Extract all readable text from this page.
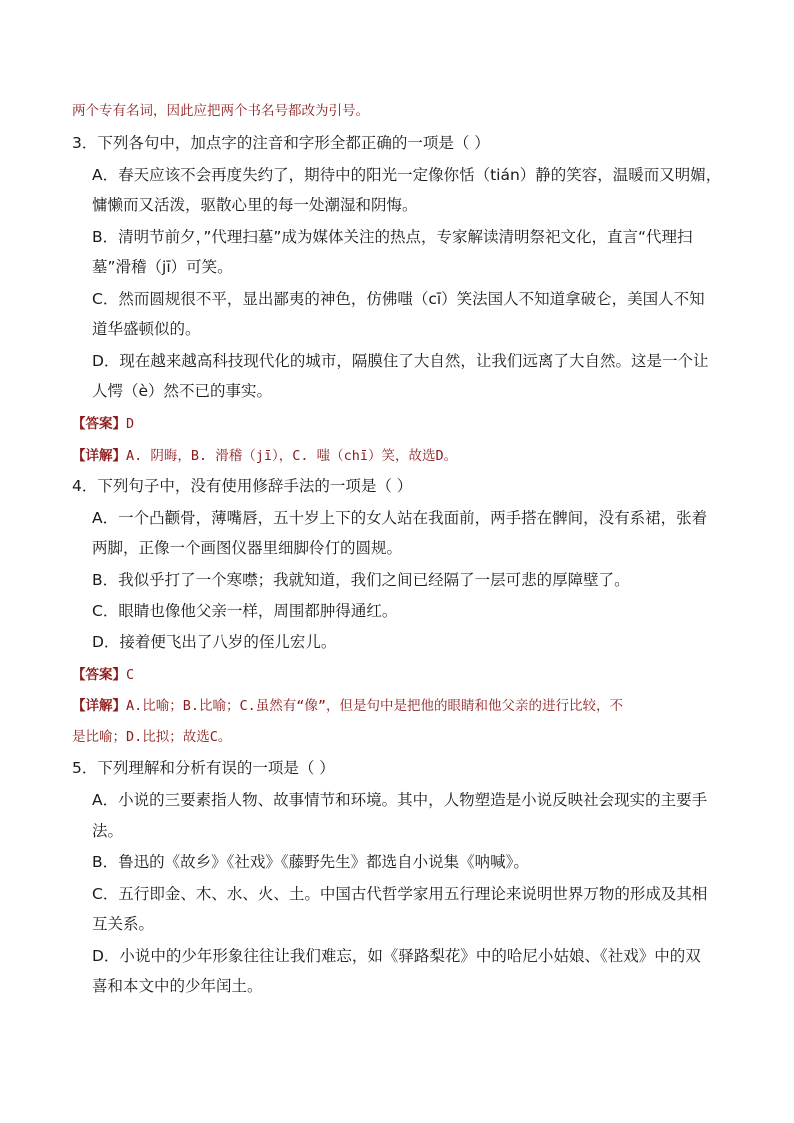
两个专有名词，因此应把两个书名号都改为引号。
3．下列各句中，加点字的注音和字形全都正确的一项是（ ）
A．春天应该不会再度失约了，期待中的阳光一定像你恬（tián）静的笑容，温暖而又明媚，
慵懒而又活泼，驱散心里的每一处潮湿和阴悔。
B．清明节前夕，”代理扫墓”成为媒体关注的热点，专家解读清明祭祀文化，直言“代理扫
墓”滑稽（jī）可笑。
C．然而圆规很不平，显出鄙夷的神色，仿佛嗤（cī）笑法国人不知道拿破仑，美国人不知
道华盛顿似的。
D．现在越来越高科技现代化的城市，隔膜住了大自然，让我们远离了大自然。这是一个让
人愕（è）然不已的事实。
【答案】D
【详解】A. 阴晦，B. 滑稽（jī），C. 嗤（chī）笑，故选D。
4．下列句子中，没有使用修辞手法的一项是（ ）
A．一个凸颧骨，薄嘴唇，五十岁上下的女人站在我面前，两手搭在髀间，没有系裙，张着
两脚，正像一个画图仪器里细脚伶仃的圆规。
B．我似乎打了一个寒噤；我就知道，我们之间已经隔了一层可悲的厚障壁了。
C．眼睛也像他父亲一样，周围都肿得通红。
D．接着便飞出了八岁的侄儿宏儿。
【答案】C
【详解】A.比喻；B.比喻；C.虽然有“像”，但是句中是把他的眼睛和他父亲的进行比较，不
是比喻；D.比拟；故选C。
5．下列理解和分析有误的一项是（ ）
A．小说的三要素指人物、故事情节和环境。其中，人物塑造是小说反映社会现实的主要手
法。
B．鲁迅的《故乡》《社戏》《藤野先生》都选自小说集《呐喊》。
C．五行即金、木、水、火、土。中国古代哲学家用五行理论来说明世界万物的形成及其相
互关系。
D．小说中的少年形象往往让我们难忘，如《驿路梨花》中的哈尼小姑娘、《社戏》中的双
喜和本文中的少年闰土。
